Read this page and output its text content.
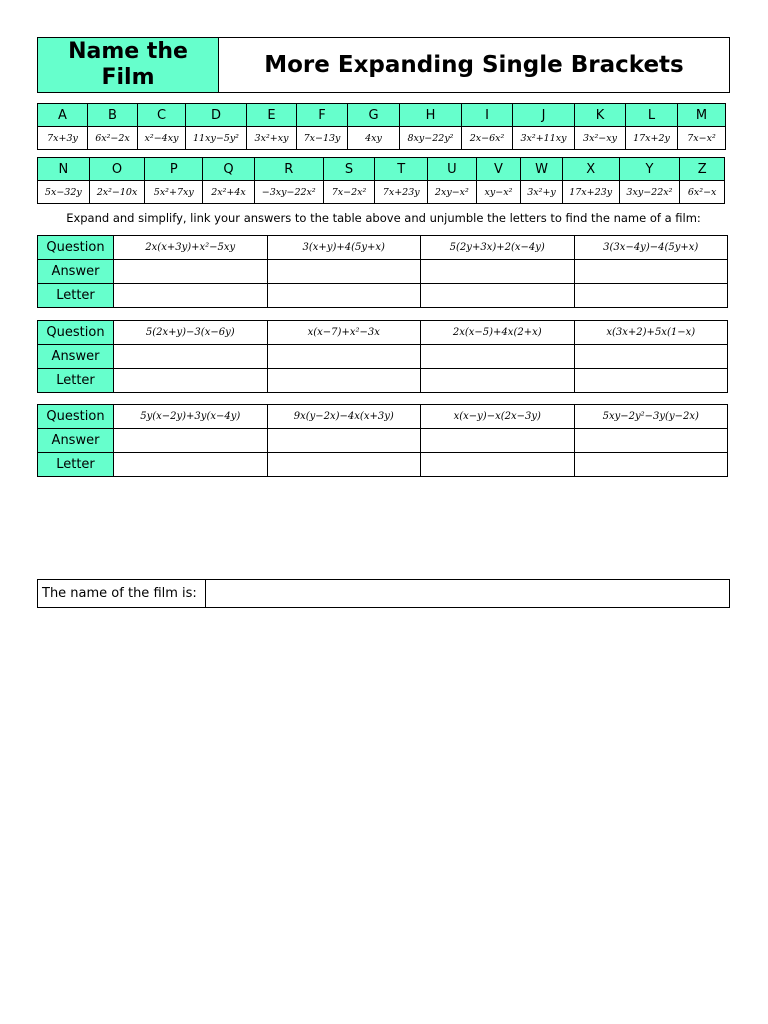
Name the Film	More Expanding Single Brackets
A	B	C	D	E	F	G	H	I	J	K	L	M
7x+3y	6x²−2x	x²−4xy	11xy−5y²	3x²+xy	7x−13y	4xy	8xy−22y²	2x−6x²	3x²+11xy	3x²−xy	17x+2y	7x−x²
N	O	P	Q	R	S	T	U	V	W	X	Y	Z
5x−32y	2x²−10x	5x²+7xy	2x²+4x	−3xy−22x²	7x−2x²	7x+23y	2xy−x²	xy−x²	3x²+y	17x+23y	3xy−22x²	6x²−x
Expand and simplify, link your answers to the table above and unjumble the letters to find the name of a film:
Question	2x(x+3y)+x²−5xy	3(x+y)+4(5y+x)	5(2y+3x)+2(x−4y)	3(3x−4y)−4(5y+x)
Answer				
Letter				
Question	5(2x+y)−3(x−6y)	x(x−7)+x²−3x	2x(x−5)+4x(2+x)	x(3x+2)+5x(1−x)
Answer				
Letter				
Question	5y(x−2y)+3y(x−4y)	9x(y−2x)−4x(x+3y)	x(x−y)−x(2x−3y)	5xy−2y²−3y(y−2x)
Answer				
Letter				
The name of the film is:
